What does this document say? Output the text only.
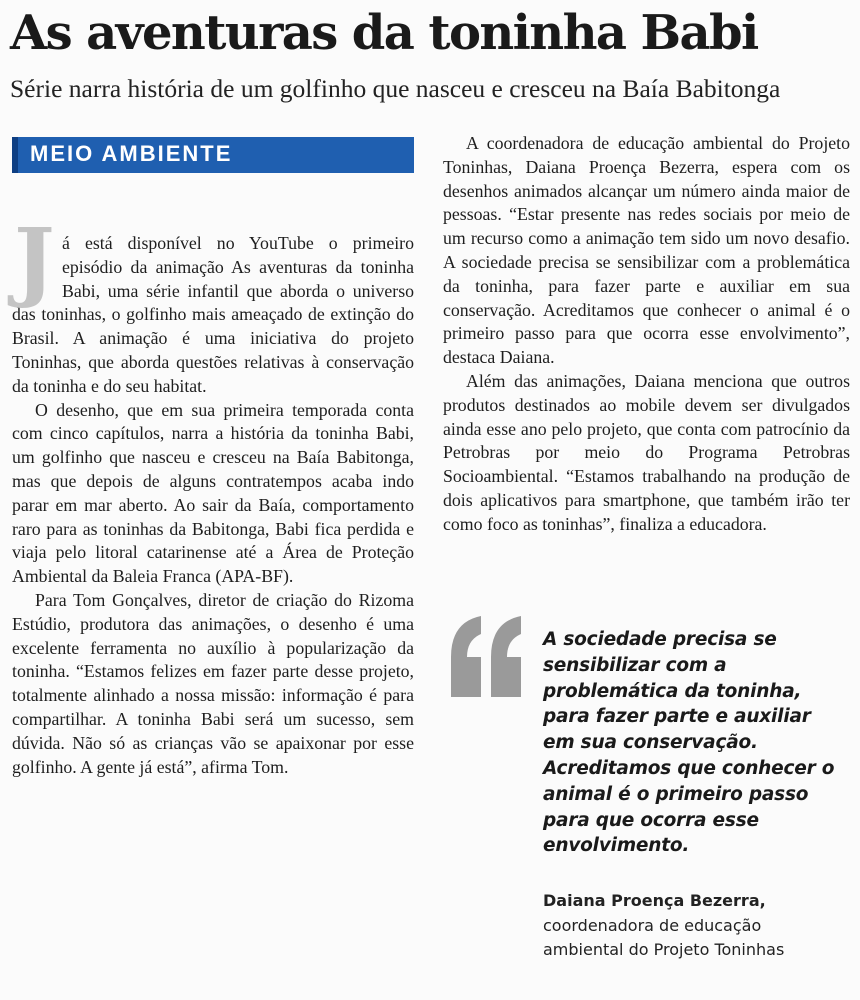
As aventuras da toninha Babi
Série narra história de um golfinho que nasceu e cresceu na Baía Babitonga
MEIO AMBIENTE

J á está disponível no YouTube o primeiro episódio da animação As aventuras da toninha Babi, uma série infantil que aborda o universo das toninhas, o golfinho mais ameaçado de extinção do Brasil. A animação é uma iniciativa do projeto Toninhas, que aborda questões relativas à conservação da toninha e do seu habitat.

O desenho, que em sua primeira temporada conta com cinco capítulos, narra a história da toninha Babi, um golfinho que nasceu e cresceu na Baía Babitonga, mas que depois de alguns contratempos acaba indo parar em mar aberto. Ao sair da Baía, comportamento raro para as toninhas da Babitonga, Babi fica perdida e viaja pelo litoral catarinense até a Área de Proteção Ambiental da Baleia Franca (APA-BF).

Para Tom Gonçalves, diretor de criação do Rizoma Estúdio, produtora das animações, o desenho é uma excelente ferramenta no auxílio à popularização da toninha. “Estamos felizes em fazer parte desse projeto, totalmente alinhado a nossa missão: informação é para compartilhar. A toninha Babi será um sucesso, sem dúvida. Não só as crianças vão se apaixonar por esse golfinho. A gente já está”, afirma Tom.

A coordenadora de educação ambiental do Projeto Toninhas, Daiana Proença Bezerra, espera com os desenhos animados alcançar um número ainda maior de pessoas. “Estar presente nas redes sociais por meio de um recurso como a animação tem sido um novo desafio. A sociedade precisa se sensibilizar com a problemática da toninha, para fazer parte e auxiliar em sua conservação. Acreditamos que conhecer o animal é o primeiro passo para que ocorra esse envolvimento”, destaca Daiana.

Além das animações, Daiana menciona que outros produtos destinados ao mobile devem ser divulgados ainda esse ano pelo projeto, que conta com patrocínio da Petrobras por meio do Programa Petrobras Socioambiental. “Estamos trabalhando na produção de dois aplicativos para smartphone, que também irão ter como foco as toninhas”, finaliza a educadora.

A sociedade precisa se sensibilizar com a problemática da toninha, para fazer parte e auxiliar em sua conservação. Acreditamos que conhecer o animal é o primeiro passo para que ocorra esse envolvimento.
Daiana Proença Bezerra, coordenadora de educação ambiental do Projeto Toninhas
